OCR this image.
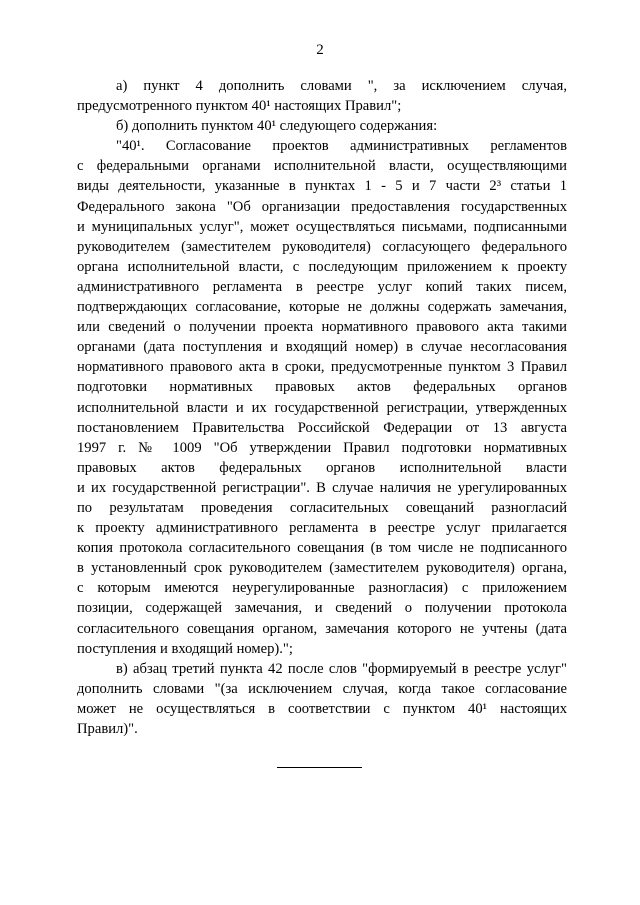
2
а) пункт 4 дополнить словами ", за исключением случая,
предусмотренного пунктом 40¹ настоящих Правил";
б) дополнить пунктом 40¹ следующего содержания:
"40¹. Согласование проектов административных регламентов
с федеральными органами исполнительной власти, осуществляющими
виды деятельности, указанные в пунктах 1 - 5 и 7 части 2³ статьи 1
Федерального закона "Об организации предоставления государственных
и муниципальных услуг", может осуществляться письмами, подписанными
руководителем (заместителем руководителя) согласующего федерального
органа исполнительной власти, с последующим приложением к проекту
административного регламента в реестре услуг копий таких писем,
подтверждающих согласование, которые не должны содержать замечания,
или сведений о получении проекта нормативного правового акта такими
органами (дата поступления и входящий номер) в случае несогласования
нормативного правового акта в сроки, предусмотренные пунктом 3 Правил
подготовки нормативных правовых актов федеральных органов
исполнительной власти и их государственной регистрации, утвержденных
постановлением Правительства Российской Федерации от 13 августа
1997 г. № 1009 "Об утверждении Правил подготовки нормативных
правовых актов федеральных органов исполнительной власти
и их государственной регистрации". В случае наличия не урегулированных
по результатам проведения согласительных совещаний разногласий
к проекту административного регламента в реестре услуг прилагается
копия протокола согласительного совещания (в том числе не подписанного
в установленный срок руководителем (заместителем руководителя) органа,
с которым имеются неурегулированные разногласия) с приложением
позиции, содержащей замечания, и сведений о получении протокола
согласительного совещания органом, замечания которого не учтены (дата
поступления и входящий номер).";
в) абзац третий пункта 42 после слов "формируемый в реестре услуг"
дополнить словами "(за исключением случая, когда такое согласование
может не осуществляться в соответствии с пунктом 40¹ настоящих
Правил)".
